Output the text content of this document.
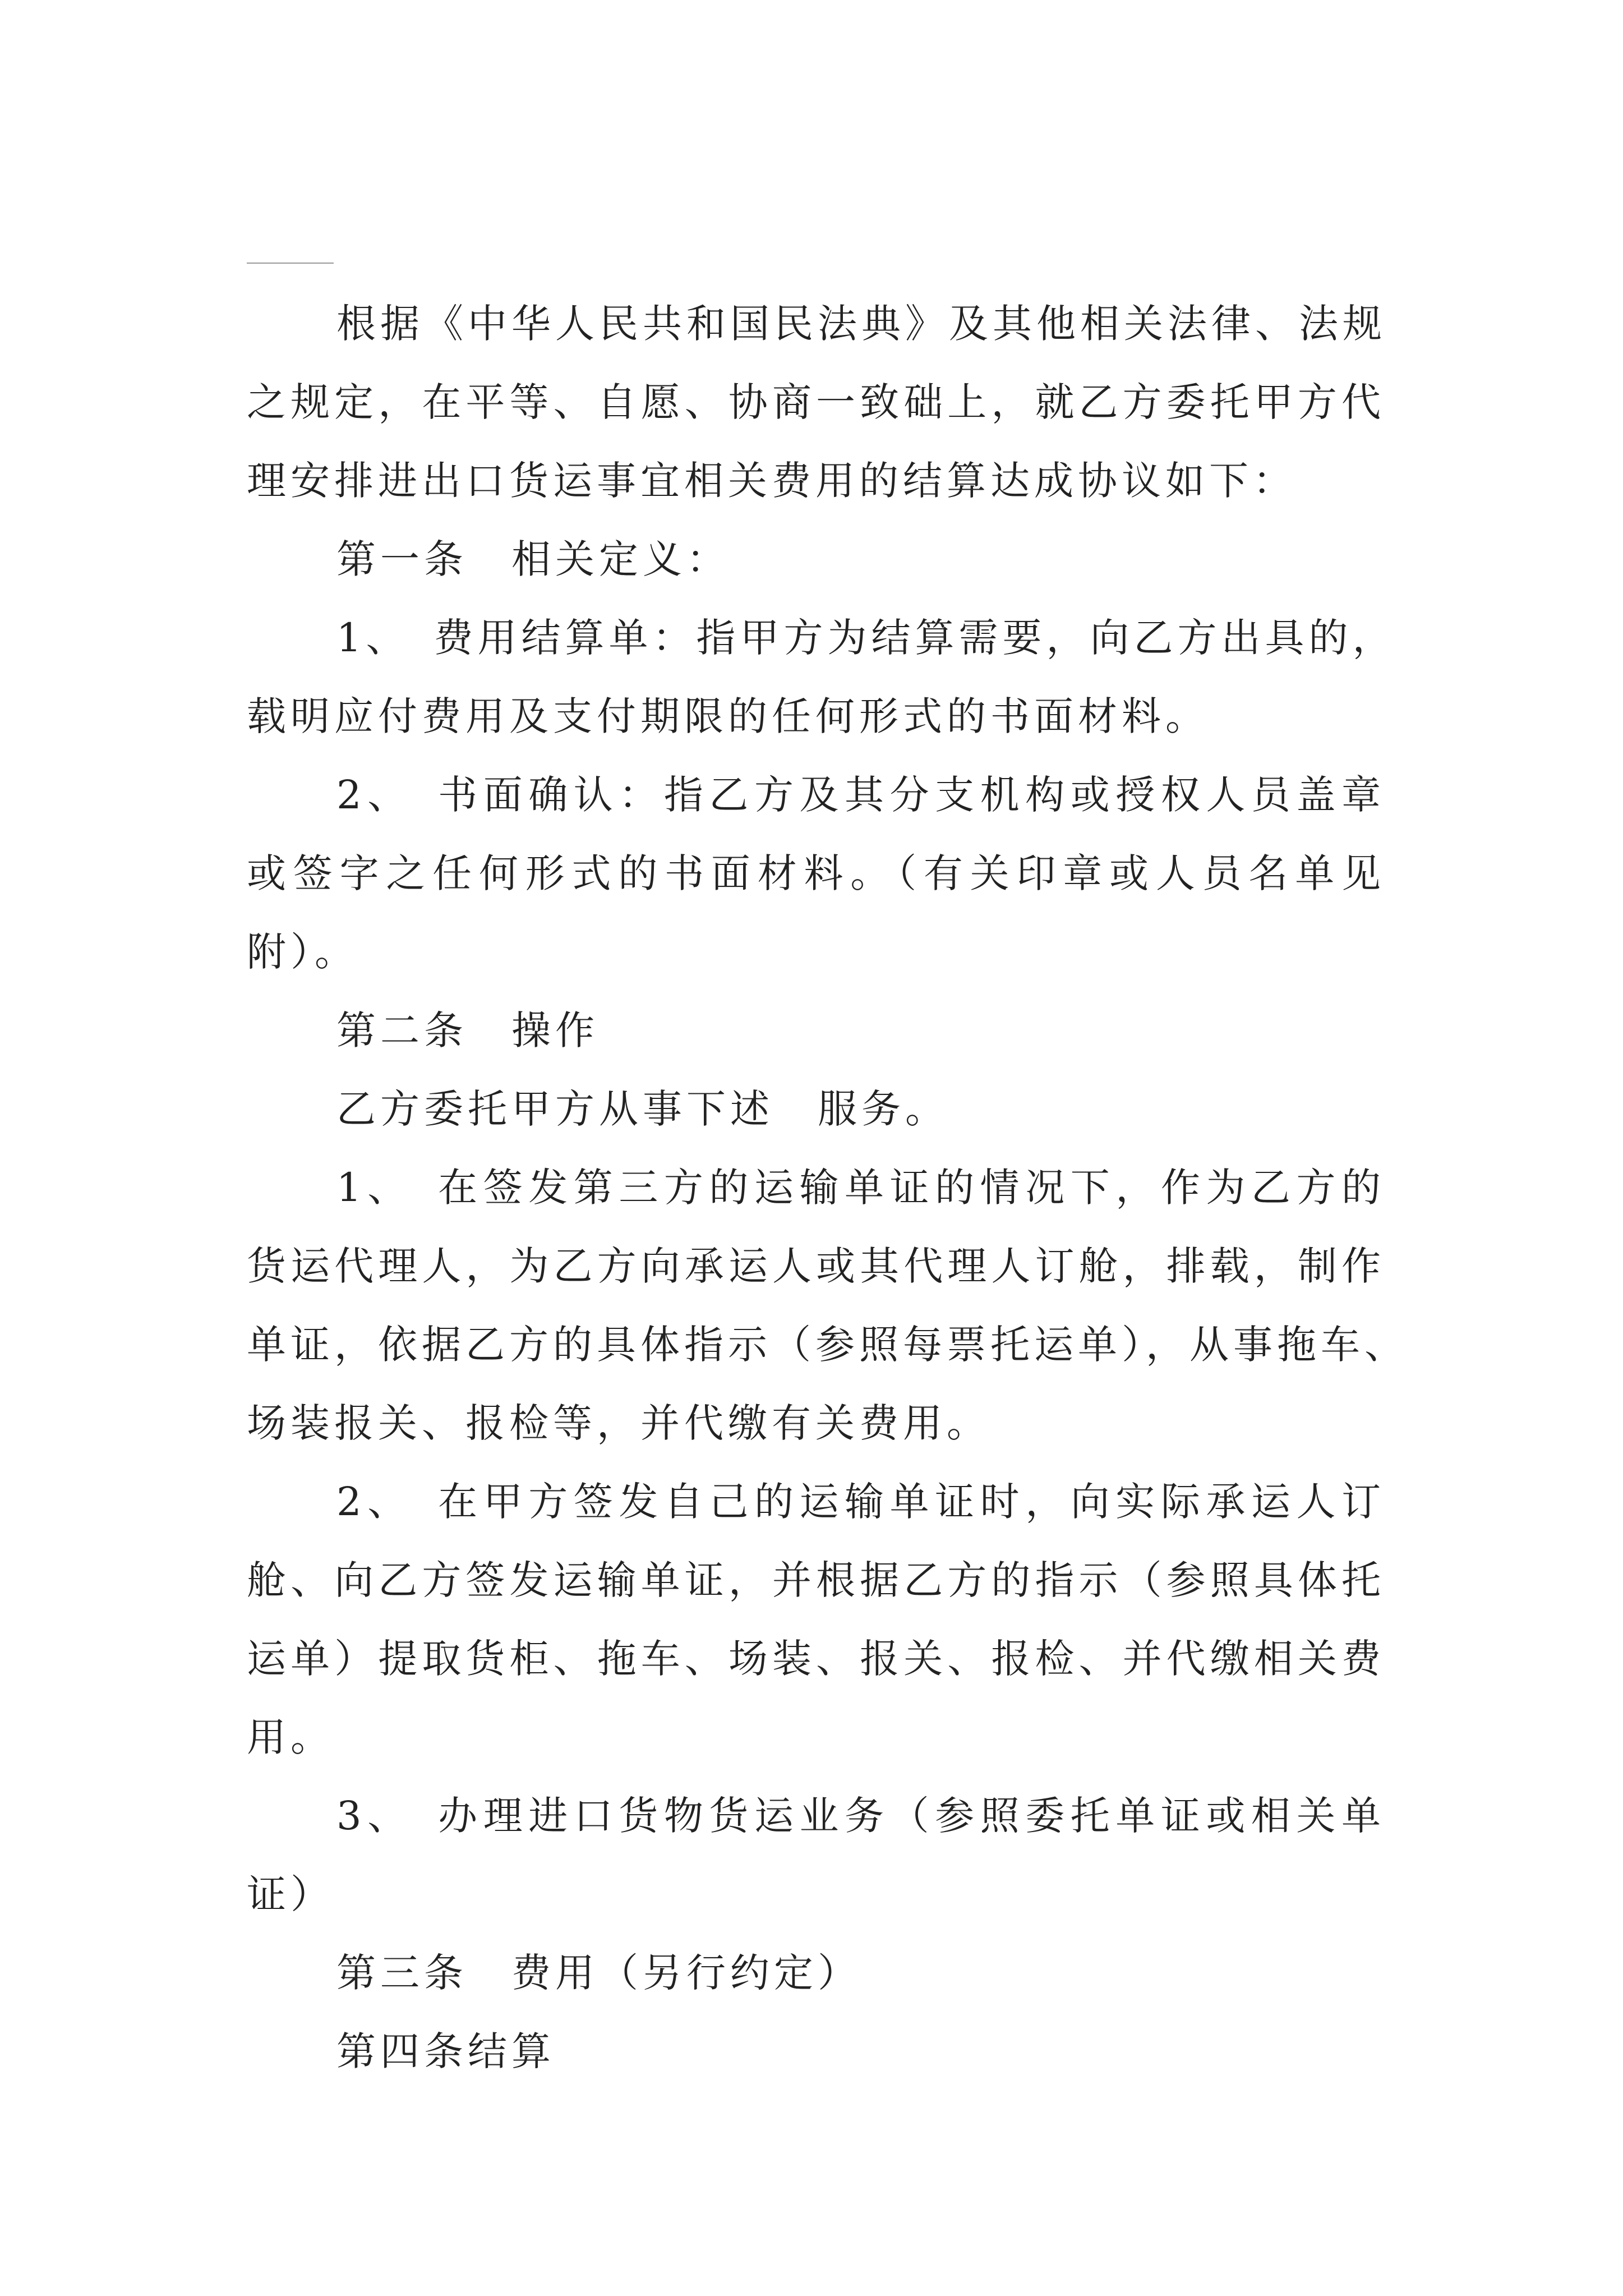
根据《中华人民共和国民法典》及其他相关法律、法规
之规定，在平等、自愿、协商一致础上，就乙方委托甲方代
理安排进出口货运事宜相关费用的结算达成协议如下：
第一条　相关定义：
1、　费用结算单：指甲方为结算需要，向乙方出具的，
载明应付费用及支付期限的任何形式的书面材料。
2、　书面确认：指乙方及其分支机构或授权人员盖章
或签字之任何形式的书面材料。（有关印章或人员名单见
附）。
第二条　操作
乙方委托甲方从事下述　服务。
1、　在签发第三方的运输单证的情况下，作为乙方的
货运代理人，为乙方向承运人或其代理人订舱，排载，制作
单证，依据乙方的具体指示（参照每票托运单），从事拖车、
场装报关、报检等，并代缴有关费用。
2、　在甲方签发自己的运输单证时，向实际承运人订
舱、向乙方签发运输单证，并根据乙方的指示（参照具体托
运单）提取货柜、拖车、场装、报关、报检、并代缴相关费
用。
3、　办理进口货物货运业务（参照委托单证或相关单
证）
第三条　费用（另行约定）
第四条结算
